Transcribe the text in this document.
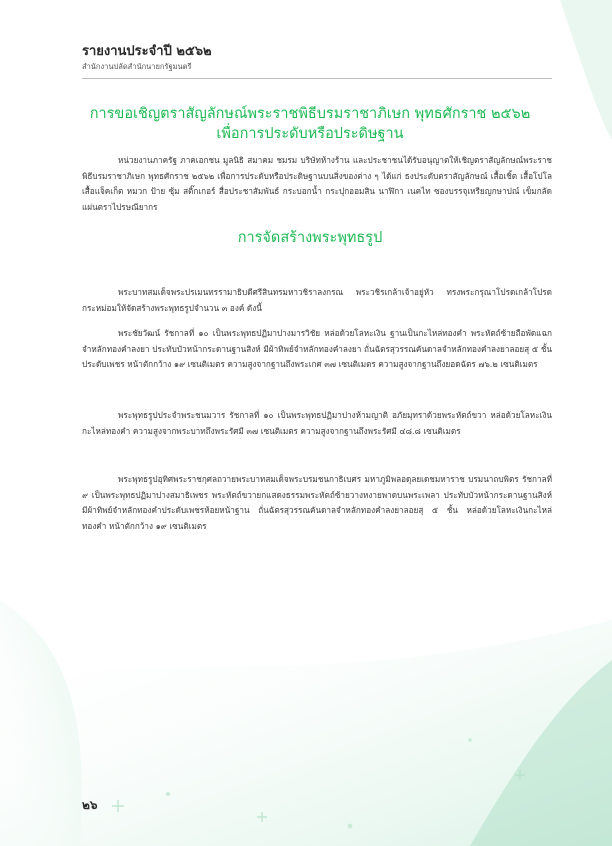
รายงานประจำปี ๒๕๖๒
สำนักงานปลัดสำนักนายกรัฐมนตรี
การขอเชิญตราสัญลักษณ์พระราชพิธีบรมราชาภิเษก พุทธศักราช ๒๕๖๒
เพื่อการประดับหรือประดิษฐาน

หน่วยงานภาครัฐ ภาคเอกชน มูลนิธิ สมาคม ชมรม บริษัทห้างร้าน และประชาชนได้รับอนุญาตให้เชิญตราสัญลักษณ์พระราชพิธีบรมราชาภิเษก พุทธศักราช ๒๕๖๒ เพื่อการประดับหรือประดิษฐานบนสิ่งของต่าง ๆ ได้แก่ ธงประดับตราสัญลักษณ์ เสื้อเชิ้ต เสื้อโปโล เสื้อแจ็คเก็ต หมวก ป้าย ซุ้ม สติ๊กเกอร์ สื่อประชาสัมพันธ์ กระบอกน้ำ กระปุกออมสิน นาฬิกา เนคไท ซองบรรจุเหรียญกษาปณ์ เข็มกลัด แผ่นตราไปรษณียากร

การจัดสร้างพระพุทธรูป

พระบาทสมเด็จพระปรเมนทรรามาธิบดีศรีสินทรมหาวชิราลงกรณ พระวชิรเกล้าเจ้าอยู่หัว ทรงพระกรุณาโปรดเกล้าโปรดกระหม่อมให้จัดสร้างพระพุทธรูปจำนวน ๓ องค์ ดังนี้

พระชัยวัฒน์ รัชกาลที่ ๑๐ เป็นพระพุทธปฏิมาปางมารวิชัย หล่อด้วยโลหะเงิน ฐานเป็นกะไหล่ทองคำ พระหัตถ์ซ้ายถือพัดแฉกจำหลักทองคำลงยา ประทับบัวหน้ากระดานฐานสิงห์ มีผ้าทิพย์จำหลักทองคำลงยา ถั่นฉัตรสุวรรณคันดาลจำหลักทองคำลงยาลอยสุ ๕ ชั้น ประดับเพชร หน้าตักกว้าง ๑๙ เซนติเมตร ความสูงจากฐานถึงพระเกศ ๓๗ เซนติเมตร ความสูงจากฐานถึงยอดฉัตร ๗๖.๒ เซนติเมตร

พระพุทธรูปประจำพระชนมวาร รัชกาลที่ ๑๐ เป็นพระพุทธปฏิมาปางห้ามญาติ อภัยมุทราด้วยพระหัตถ์ขวา หล่อด้วยโลหะเงิน กะไหล่ทองคำ ความสูงจากพระบาทถึงพระรัศมี ๓๗ เซนติเมตร ความสูงจากฐานถึงพระรัศมี ๔๘.๘ เซนติเมตร

พระพุทธรูปอุทิศพระราชกุศลถวายพระบาทสมเด็จพระบรมชนกาธิเบศร มหาภูมิพลอดุลยเดชมหาราช บรมนาถบพิตร รัชกาลที่ ๙ เป็นพระพุทธปฏิมาปางสมาธิเพชร พระหัตถ์ขวายกแสดงธรรมพระหัตถ์ซ้ายวางหงายพาดบนพระเพลา ประทับบัวหน้ากระดานฐานสิงห์ มีผ้าทิพย์จำหลักทองคำประดับเพชรห้อยหน้าฐาน ถั่นฉัตรสุวรรณคันดาลจำหลักทองคำลงยาลอยสุ ๕ ชั้น หล่อด้วยโลหะเงินกะไหล่ทองคำ หน้าตักกว้าง ๑๙ เซนติเมตร

๒๖
